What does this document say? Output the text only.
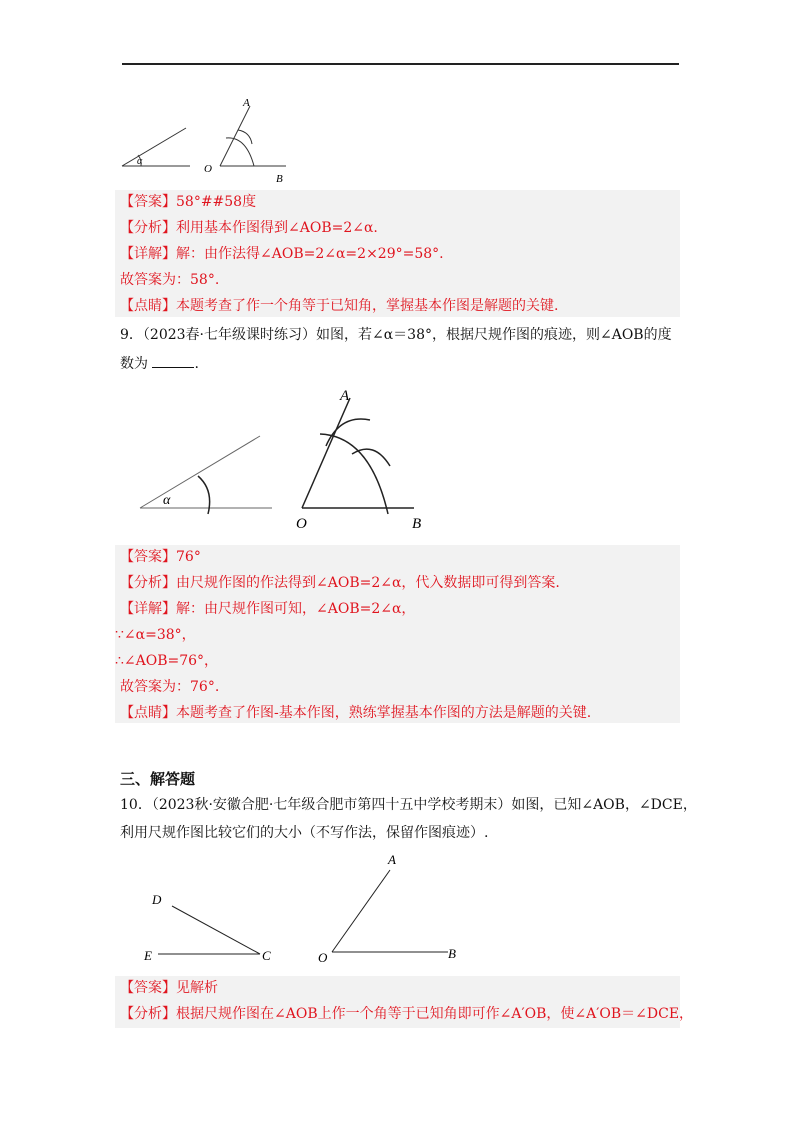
α
A
O
B
【答案】58°##58度
【分析】利用基本作图得到∠AOB=2∠α.
【详解】解：由作法得∠AOB=2∠α=2×29°=58°.
故答案为：58°.
【点睛】本题考查了作一个角等于已知角，掌握基本作图是解题的关键.
9．（2023春·七年级课时练习）如图，若∠α＝38°，根据尺规作图的痕迹，则∠AOB的度
数为	.
α
A
O	B
【答案】76°
【分析】由尺规作图的作法得到∠AOB=2∠α，代入数据即可得到答案.
【详解】解：由尺规作图可知，∠AOB=2∠α，
∵∠α=38°，
∴∠AOB=76°，
故答案为：76°.
【点睛】本题考查了作图-基本作图，熟练掌握基本作图的方法是解题的关键.
三、解答题
10．（2023秋·安徽合肥·七年级合肥市第四十五中学校考期末）如图，已知∠AOB，∠DCE，
利用尺规作图比较它们的大小（不写作法，保留作图痕迹）.
D
E	C
A
O	B
【答案】见解析
【分析】根据尺规作图在∠AOB上作一个角等于已知角即可作∠A′OB，使∠A′OB＝∠DCE，
